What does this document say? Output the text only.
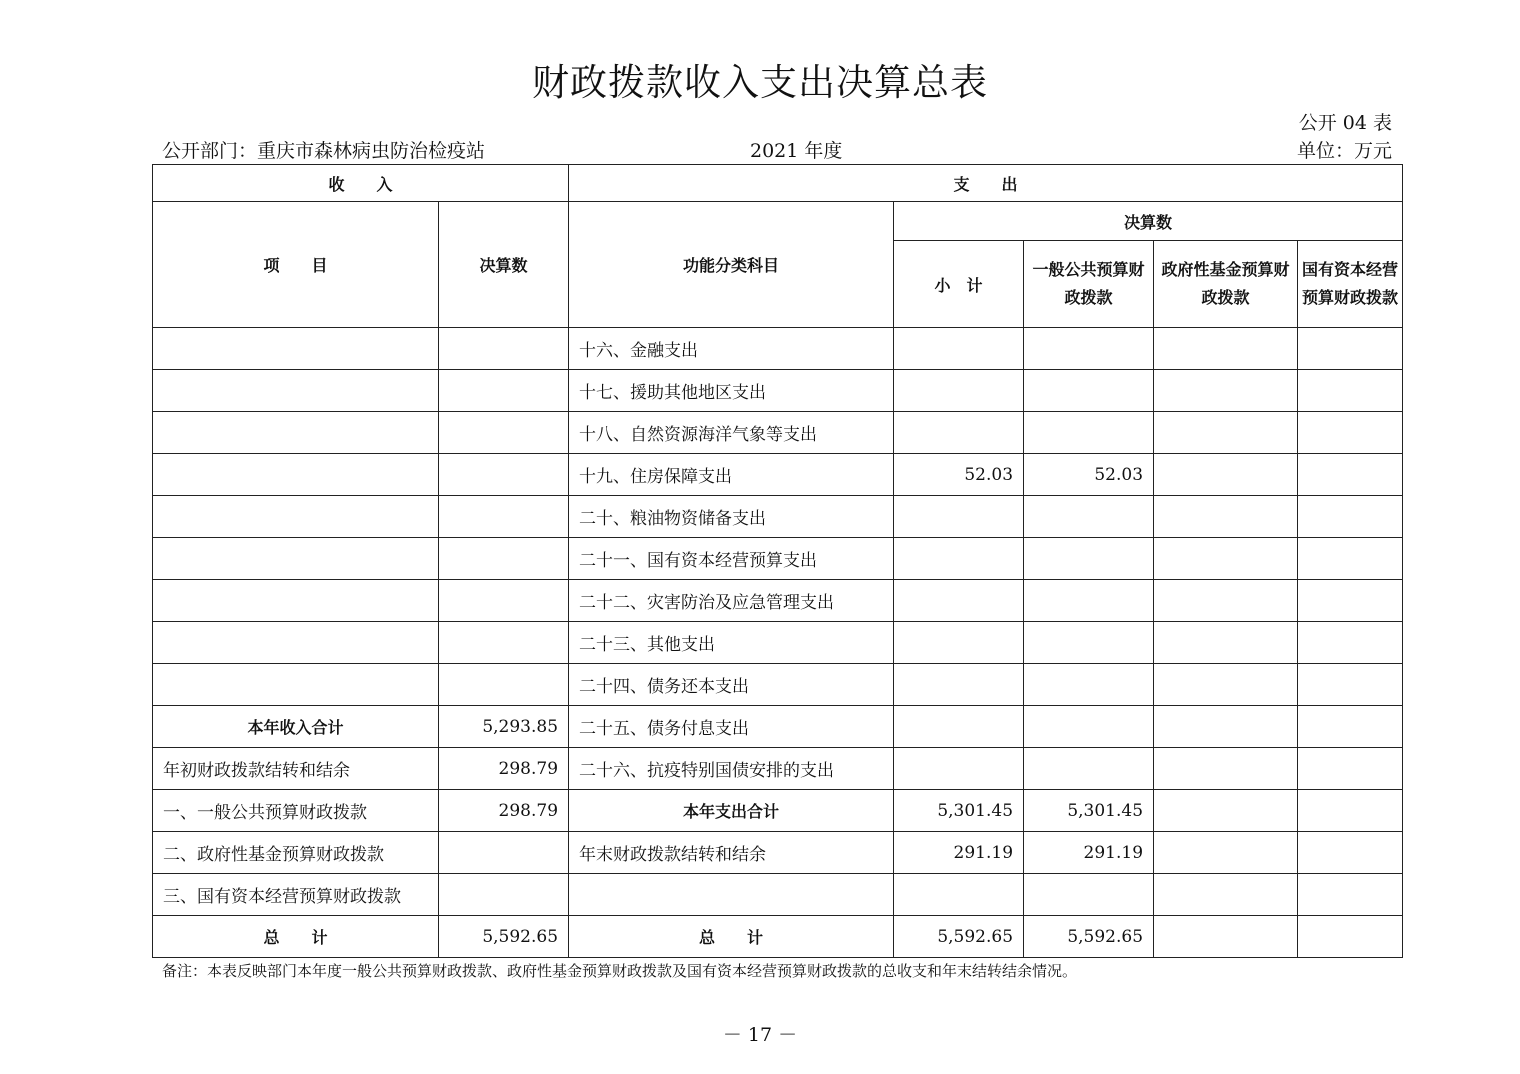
财政拨款收入支出决算总表
公开 04 表
公开部门：重庆市森林病虫防治检疫站	2021 年度	单位：万元
收　　入		支　　出				
项　　目	决算数	功能分类科目	决算数			
			小　计	一般公共预算财政拨款	政府性基金预算财政拨款	国有资本经营预算财政拨款
		十六、金融支出				
		十七、援助其他地区支出				
		十八、自然资源海洋气象等支出				
		十九、住房保障支出	52.03	52.03		
		二十、粮油物资储备支出				
		二十一、国有资本经营预算支出				
		二十二、灾害防治及应急管理支出				
		二十三、其他支出				
		二十四、债务还本支出				
本年收入合计	5,293.85	二十五、债务付息支出				
年初财政拨款结转和结余	298.79	二十六、抗疫特别国债安排的支出				
一、一般公共预算财政拨款	298.79	本年支出合计	5,301.45	5,301.45		
二、政府性基金预算财政拨款		年末财政拨款结转和结余	291.19	291.19		
三、国有资本经营预算财政拨款						
总　　计	5,592.65	总　　计	5,592.65	5,592.65		
备注：本表反映部门本年度一般公共预算财政拨款、政府性基金预算财政拨款及国有资本经营预算财政拨款的总收支和年末结转结余情况。
－ 17 －
